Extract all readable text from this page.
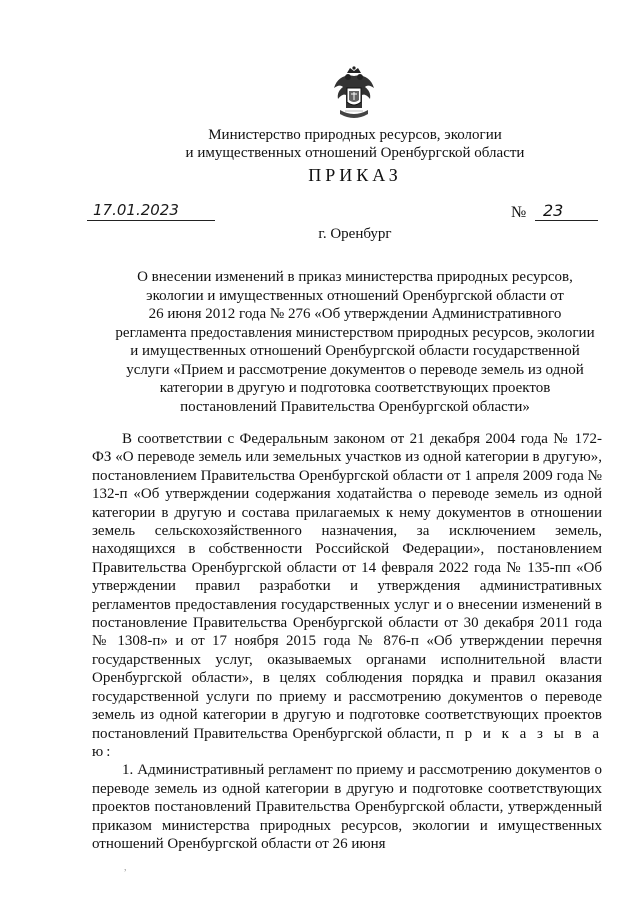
Министерство природных ресурсов, экологии
и имущественных отношений Оренбургской области
ПРИКАЗ
17.01.2023	№	23
г. Оренбург
О внесении изменений в приказ министерства природных ресурсов,
экологии и имущественных отношений Оренбургской области от
26 июня 2012 года № 276 «Об утверждении Административного
регламента предоставления министерством природных ресурсов, экологии
и имущественных отношений Оренбургской области государственной
услуги «Прием и рассмотрение документов о переводе земель из одной
категории в другую и подготовка соответствующих проектов
постановлений Правительства Оренбургской области»

В соответствии с Федеральным законом от 21 декабря 2004 года № 172-ФЗ «О переводе земель или земельных участков из одной категории в другую», постановлением Правительства Оренбургской области от 1 апреля 2009 года № 132-п «Об утверждении содержания ходатайства о переводе земель из одной категории в другую и состава прилагаемых к нему документов в отношении земель сельскохозяйственного назначения, за исключением земель, находящихся в собственности Российской Федерации», постановлением Правительства Оренбургской области от 14 февраля 2022 года № 135-пп «Об утверждении правил разработки и утверждения административных регламентов предоставления государственных услуг и о внесении изменений в постановление Правительства Оренбургской области от 30 декабря 2011 года № 1308-п» и от 17 ноября 2015 года № 876-п «Об утверждении перечня государственных услуг, оказываемых органами исполнительной власти Оренбургской области», в целях соблюдения порядка и правил оказания государственной услуги по приему и рассмотрению документов о переводе земель из одной категории в другую и подготовке соответствующих проектов постановлений Правительства Оренбургской области, п р и к а з ы в а ю:

1. Административный регламент по приему и рассмотрению документов о переводе земель из одной категории в другую и подготовке соответствующих проектов постановлений Правительства Оренбургской области, утвержденный приказом министерства природных ресурсов, экологии и имущественных отношений Оренбургской области от 26 июня

,
